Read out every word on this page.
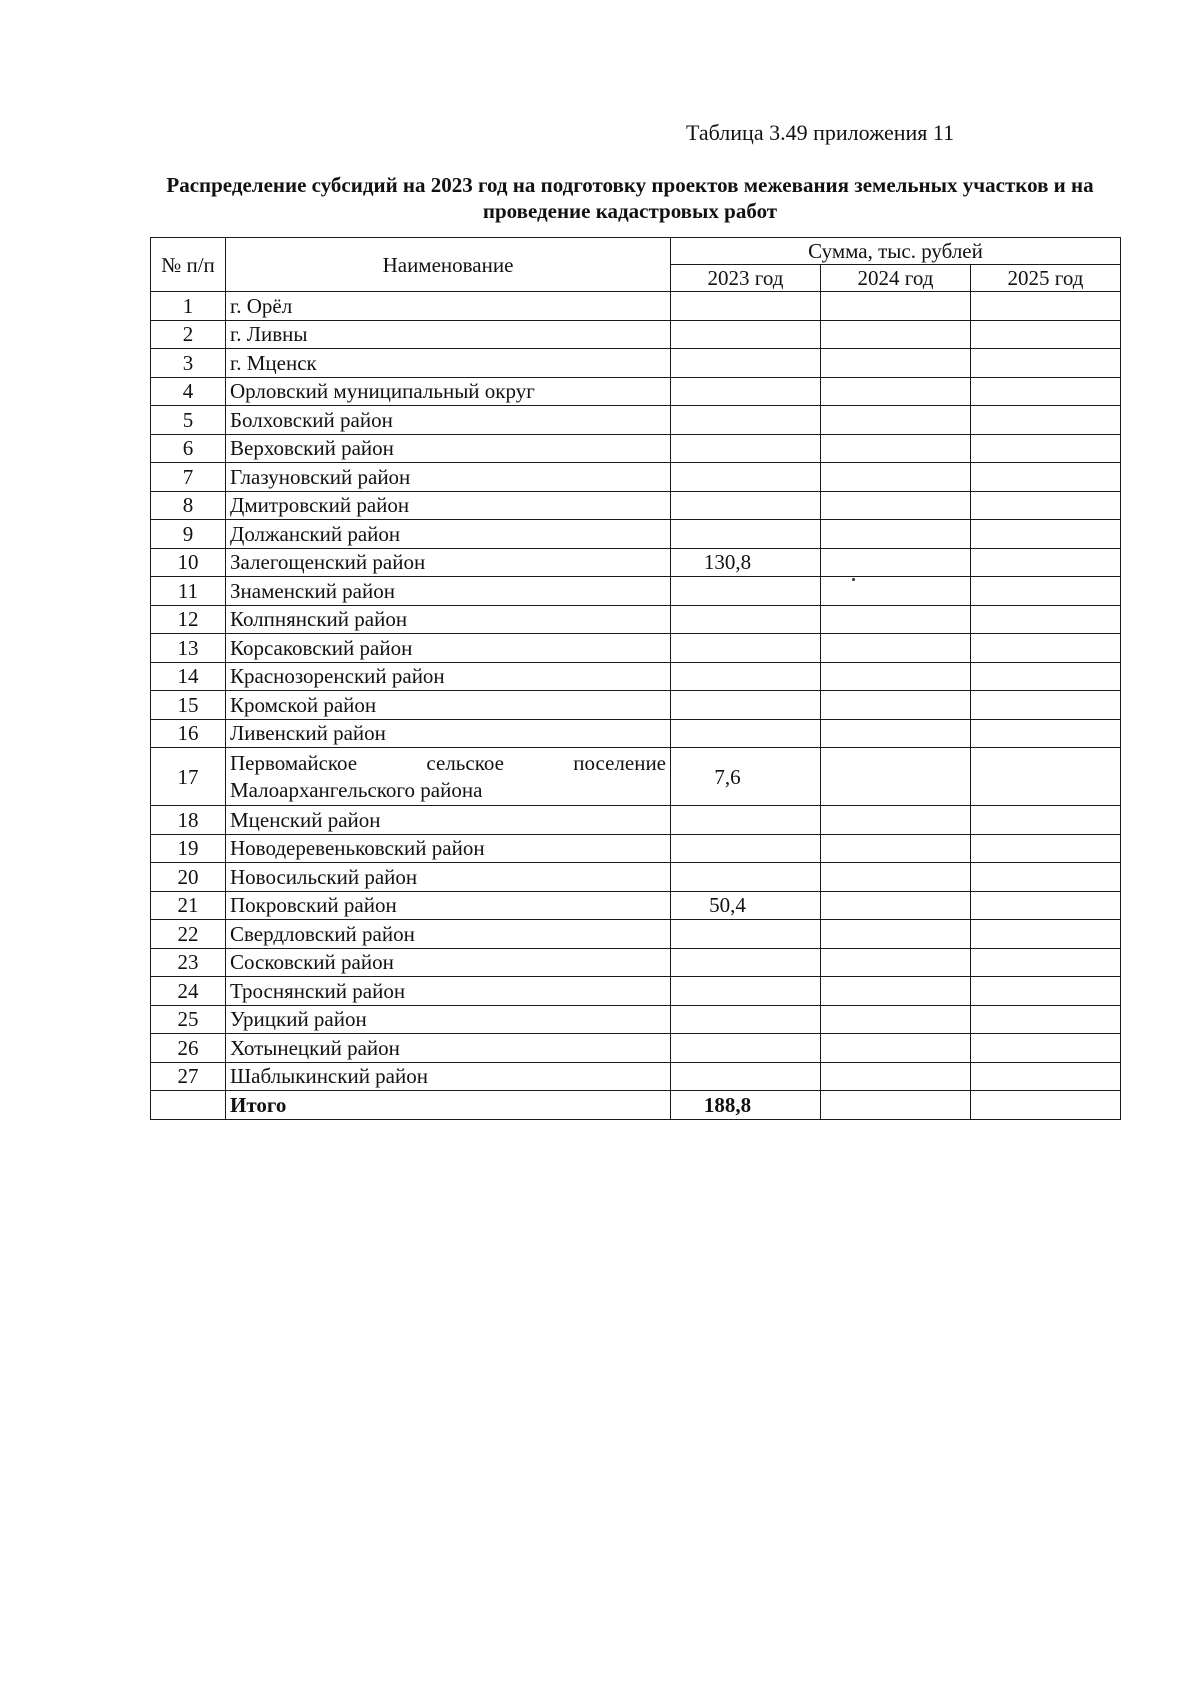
Таблица 3.49 приложения 11
Распределение субсидий на 2023 год на подготовку проектов межевания земельных участков и на проведение кадастровых работ
№ п/п	Наименование	Сумма, тыс. рублей		
		2023 год	2024 год	2025 год
1	г. Орёл			
2	г. Ливны			
3	г. Мценск			
4	Орловский муниципальный округ			
5	Болховский район			
6	Верховский район			
7	Глазуновский район			
8	Дмитровский район			
9	Должанский район			
10	Залегощенский район	130,8		
11	Знаменский район			
12	Колпнянский район			
13	Корсаковский район			
14	Краснозоренский район			
15	Кромской район			
16	Ливенский район			
17	Первомайское сельское поселение Малоархангельского района	7,6		
18	Мценский район			
19	Новодеревеньковский район			
20	Новосильский район			
21	Покровский район	50,4		
22	Свердловский район			
23	Сосковский район			
24	Троснянский район			
25	Урицкий район			
26	Хотынецкий район			
27	Шаблыкинский район			
	Итого	188,8		
